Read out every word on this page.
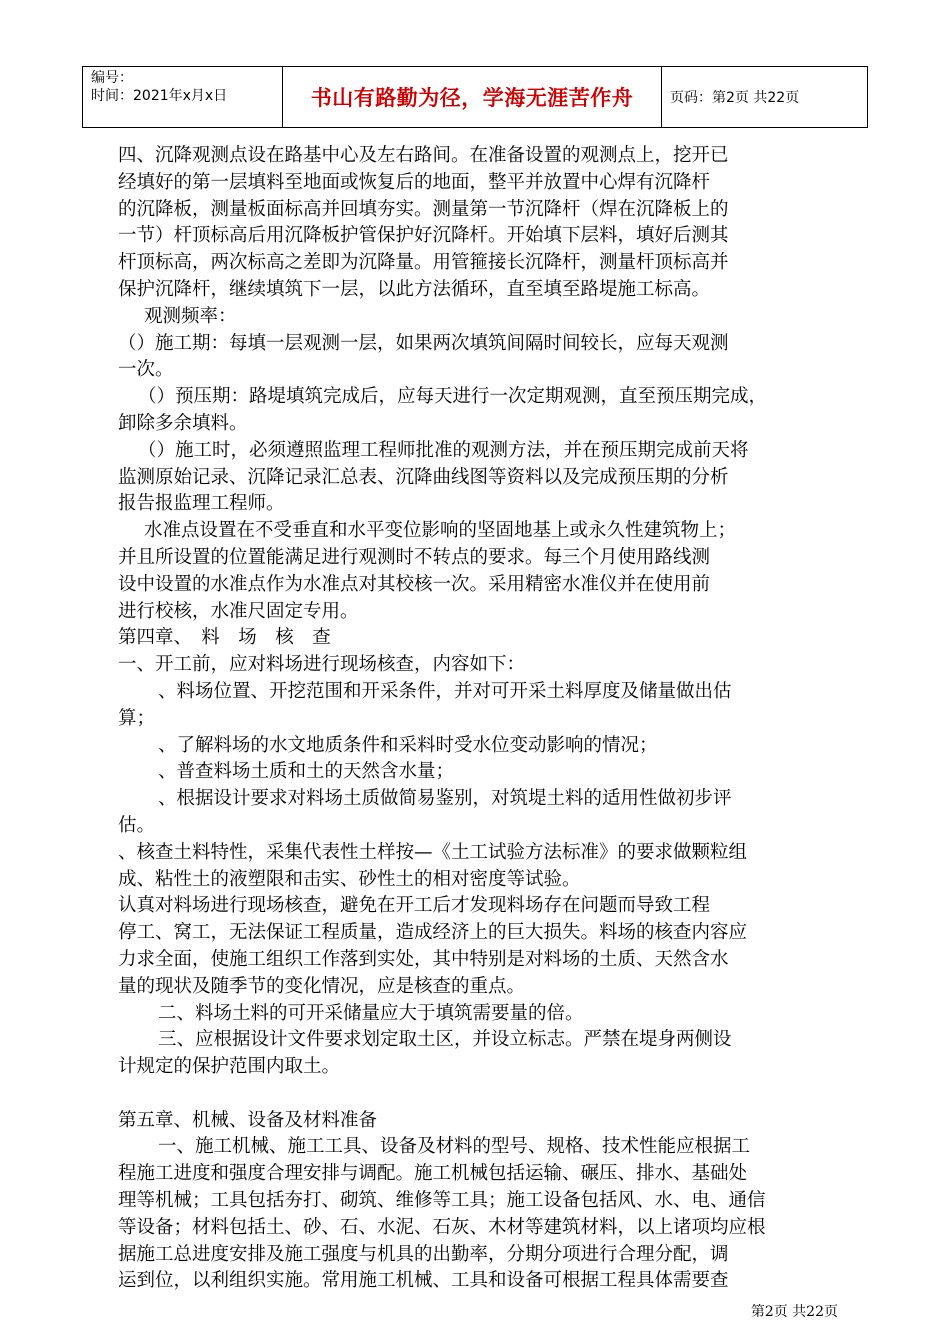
编号：
时间：2021年x月x日	书山有路勤为径，学海无涯苦作舟	页码：第2页 共22页
四、沉降观测点设在路基中心及左右路间。在准备设置的观测点上，挖开已
经填好的第一层填料至地面或恢复后的地面，整平并放置中心焊有沉降杆
的沉降板，测量板面标高并回填夯实。测量第一节沉降杆（焊在沉降板上的
一节）杆顶标高后用沉降板护管保护好沉降杆。开始填下层料，填好后测其
杆顶标高，两次标高之差即为沉降量。用管箍接长沉降杆，测量杆顶标高并
保护沉降杆，继续填筑下一层，以此方法循环，直至填至路堤施工标高。
观测频率：
（）施工期：每填一层观测一层，如果两次填筑间隔时间较长，应每天观测
一次。
（）预压期：路堤填筑完成后，应每天进行一次定期观测，直至预压期完成，
卸除多余填料。
（）施工时，必须遵照监理工程师批准的观测方法，并在预压期完成前天将
监测原始记录、沉降记录汇总表、沉降曲线图等资料以及完成预压期的分析
报告报监理工程师。
水准点设置在不受垂直和水平变位影响的坚固地基上或永久性建筑物上；
并且所设置的位置能满足进行观测时不转点的要求。每三个月使用路线测
设中设置的水准点作为水准点对其校核一次。采用精密水准仪并在使用前
进行校核，水准尺固定专用。
第四章、　料　场　核　查
一、开工前，应对料场进行现场核查，内容如下：
、料场位置、开挖范围和开采条件，并对可开采土料厚度及储量做出估
算；
、了解料场的水文地质条件和采料时受水位变动影响的情况；
、普查料场土质和土的天然含水量；
、根据设计要求对料场土质做简易鉴别，对筑堤土料的适用性做初步评
估。
、核查土料特性，采集代表性土样按—《土工试验方法标准》的要求做颗粒组
成、粘性土的液塑限和击实、砂性土的相对密度等试验。
认真对料场进行现场核查，避免在开工后才发现料场存在问题而导致工程
停工、窝工，无法保证工程质量，造成经济上的巨大损失。料场的核查内容应
力求全面，使施工组织工作落到实处，其中特别是对料场的土质、天然含水
量的现状及随季节的变化情况，应是核查的重点。
二、料场土料的可开采储量应大于填筑需要量的倍。
三、应根据设计文件要求划定取土区，并设立标志。严禁在堤身两侧设
计规定的保护范围内取土。
第五章、机械、设备及材料准备
一、施工机械、施工工具、设备及材料的型号、规格、技术性能应根据工
程施工进度和强度合理安排与调配。施工机械包括运输、碾压、排水、基础处
理等机械；工具包括夯打、砌筑、维修等工具；施工设备包括风、水、电、通信
等设备；材料包括土、砂、石、水泥、石灰、木材等建筑材料，以上诸项均应根
据施工总进度安排及施工强度与机具的出勤率，分期分项进行合理分配，调
运到位，以利组织实施。常用施工机械、工具和设备可根据工程具体需要查
第2页 共22页
